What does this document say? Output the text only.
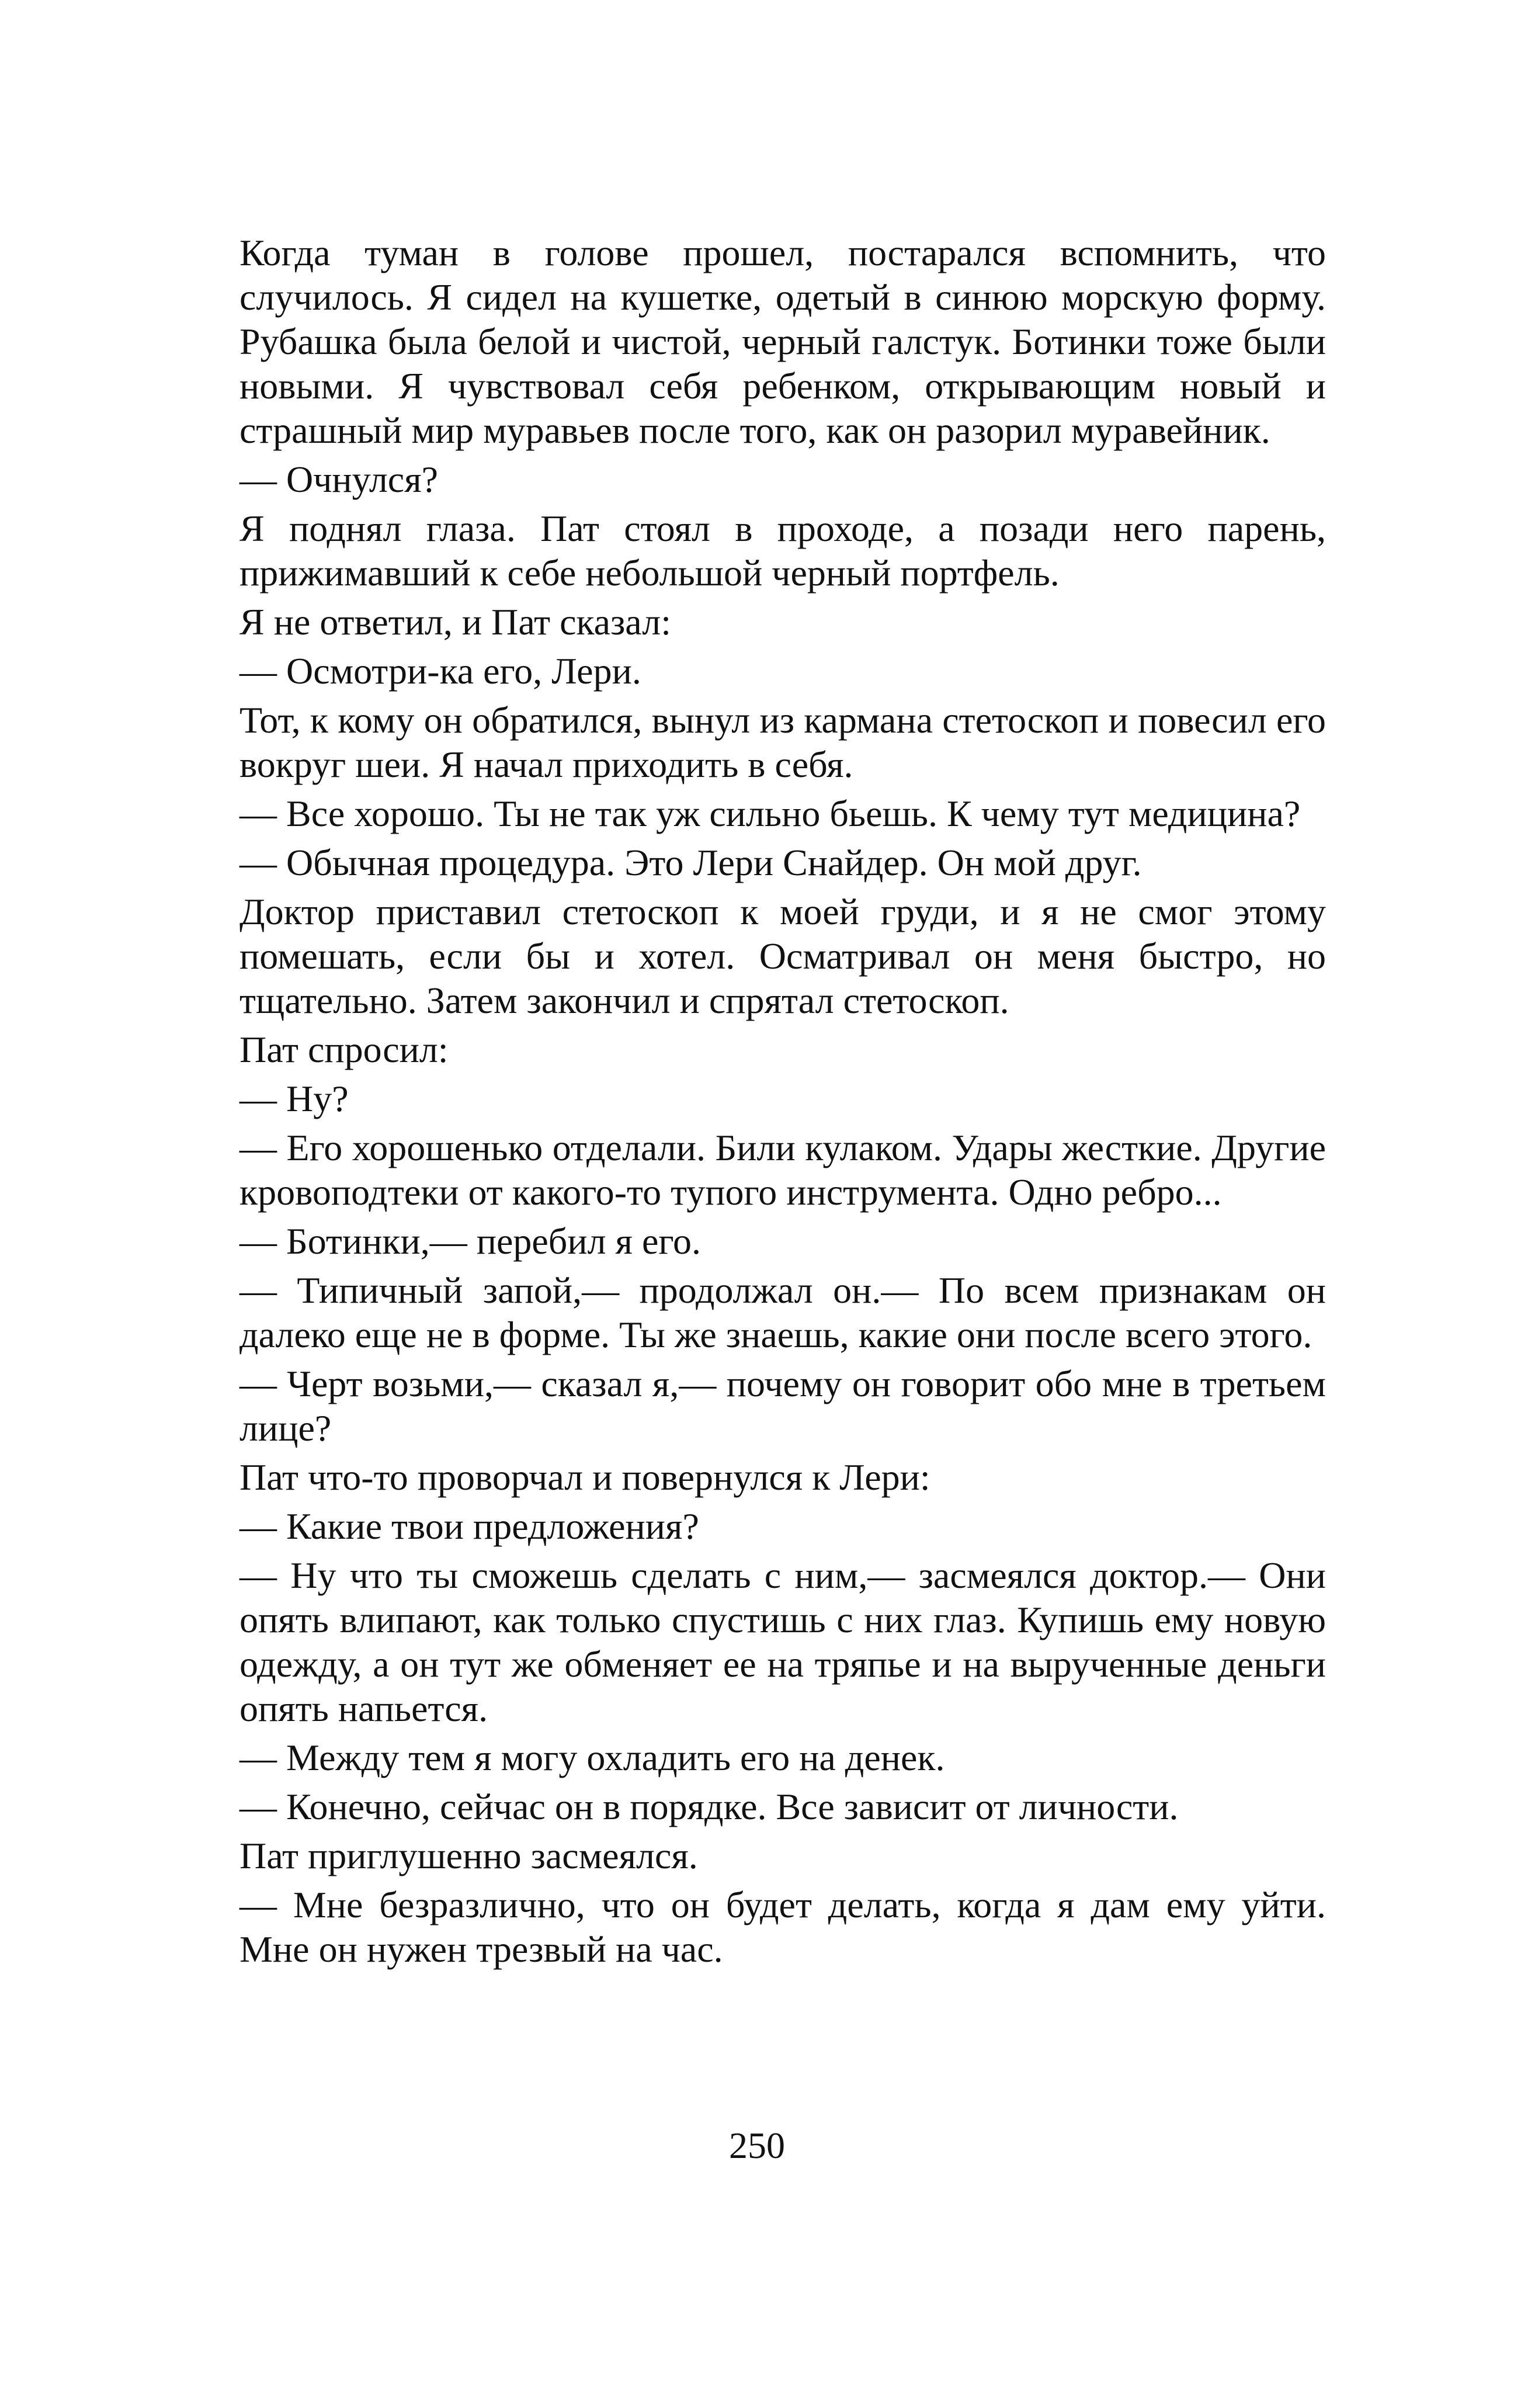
Когда туман в голове прошел, постарался вспомнить, что случилось. Я сидел на кушетке, одетый в синюю морскую форму. Рубашка была белой и чистой, черный галстук. Ботинки тоже были новыми. Я чувствовал себя ребенком, открывающим новый и страшный мир муравьев после того, как он разорил муравейник.

— Очнулся?

Я поднял глаза. Пат стоял в проходе, а позади него парень, прижимавший к себе небольшой черный портфель.

Я не ответил, и Пат сказал:

— Осмотри-ка его, Лери.

Тот, к кому он обратился, вынул из кармана стетоскоп и повесил его вокруг шеи. Я начал приходить в себя.

— Все хорошо. Ты не так уж сильно бьешь. К чему тут медицина?

— Обычная процедура. Это Лери Снайдер. Он мой друг.

Доктор приставил стетоскоп к моей груди, и я не смог этому помешать, если бы и хотел. Осматривал он меня быстро, но тщательно. Затем закончил и спрятал стетоскоп.

Пат спросил:

— Ну?

— Его хорошенько отделали. Били кулаком. Удары жесткие. Другие кровоподтеки от какого-то тупого инструмента. Одно ребро...

— Ботинки,— перебил я его.

— Типичный запой,— продолжал он.— По всем признакам он далеко еще не в форме. Ты же знаешь, какие они после всего этого.

— Черт возьми,— сказал я,— почему он говорит обо мне в третьем лице?

Пат что-то проворчал и повернулся к Лери:

— Какие твои предложения?

— Ну что ты сможешь сделать с ним,— засмеялся доктор.— Они опять влипают, как только спустишь с них глаз. Купишь ему новую одежду, а он тут же обменяет ее на тряпье и на вырученные деньги опять напьется.

— Между тем я могу охладить его на денек.

— Конечно, сейчас он в порядке. Все зависит от личности.

Пат приглушенно засмеялся.

— Мне безразлично, что он будет делать, когда я дам ему уйти. Мне он нужен трезвый на час.

250
